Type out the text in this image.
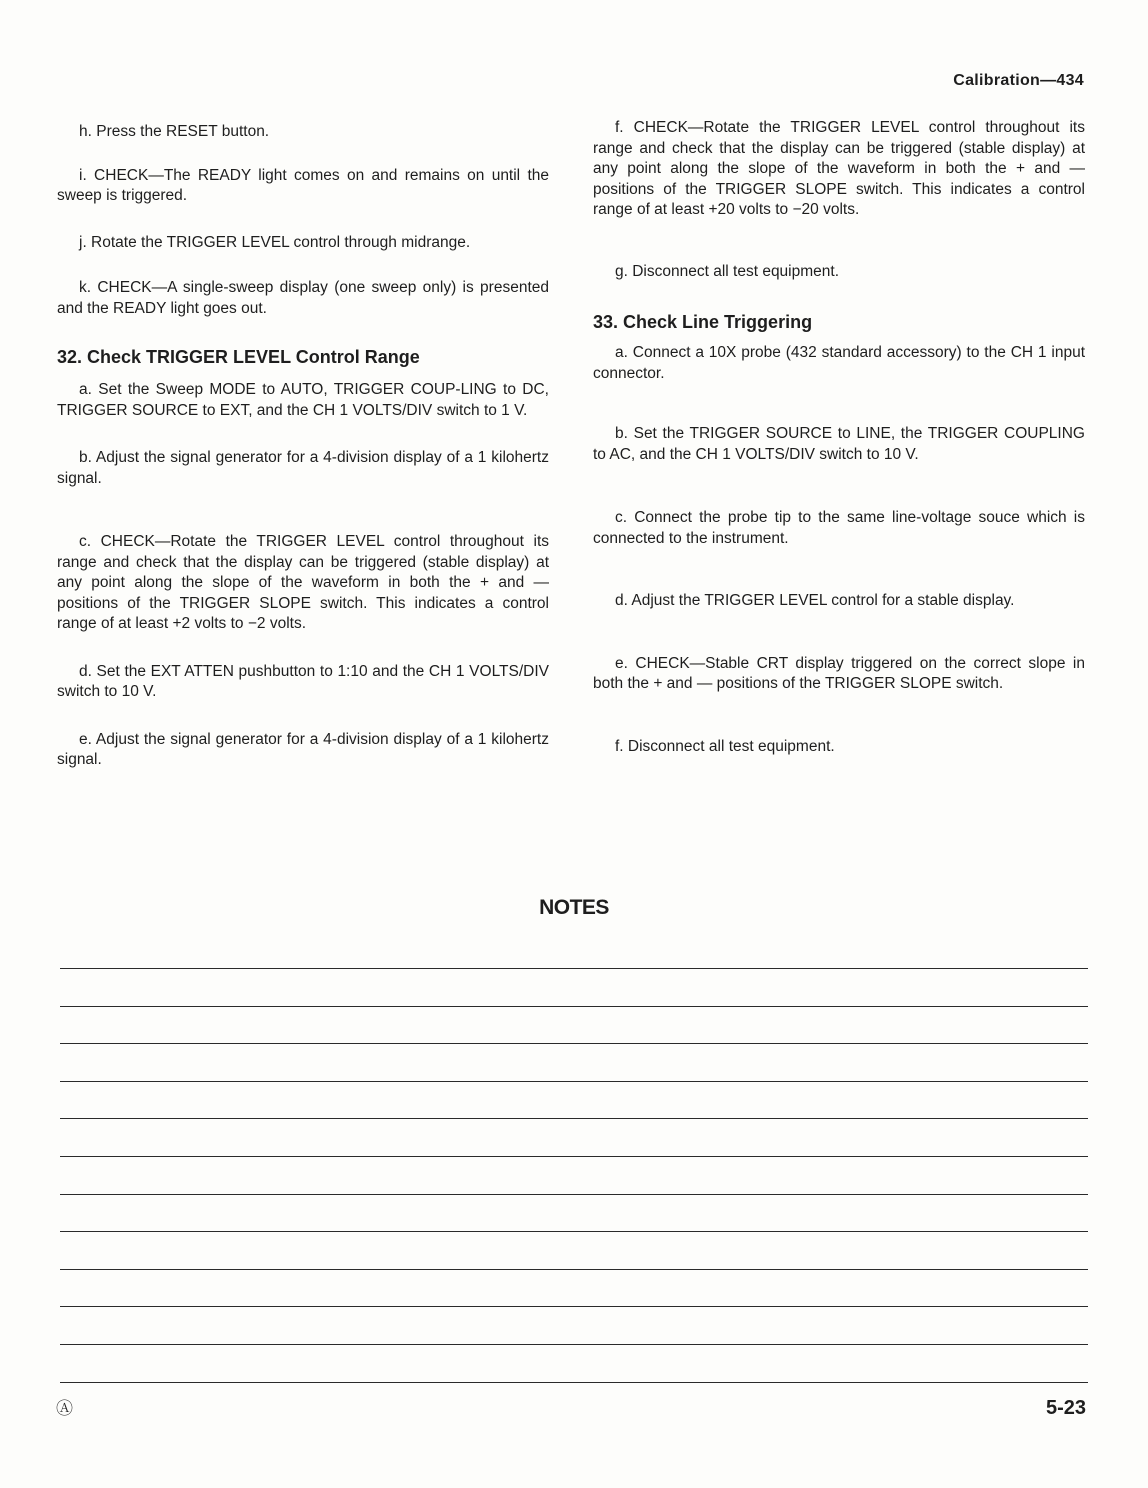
Calibration—434

h. Press the RESET button.

i. CHECK—The READY light comes on and remains on until the sweep is triggered.

j. Rotate the TRIGGER LEVEL control through midrange.

k. CHECK—A single-sweep display (one sweep only) is presented and the READY light goes out.

32. Check TRIGGER LEVEL Control Range

a. Set the Sweep MODE to AUTO, TRIGGER COUP-LING to DC, TRIGGER SOURCE to EXT, and the CH 1 VOLTS/DIV switch to 1 V.

b. Adjust the signal generator for a 4-division display of a 1 kilohertz signal.

c. CHECK—Rotate the TRIGGER LEVEL control throughout its range and check that the display can be triggered (stable display) at any point along the slope of the waveform in both the + and — positions of the TRIGGER SLOPE switch. This indicates a control range of at least +2 volts to −2 volts.

d. Set the EXT ATTEN pushbutton to 1:10 and the CH 1 VOLTS/DIV switch to 10 V.

e. Adjust the signal generator for a 4-division display of a 1 kilohertz signal.

f. CHECK—Rotate the TRIGGER LEVEL control throughout its range and check that the display can be triggered (stable display) at any point along the slope of the waveform in both the + and — positions of the TRIGGER SLOPE switch. This indicates a control range of at least +20 volts to −20 volts.

g. Disconnect all test equipment.

33. Check Line Triggering

a. Connect a 10X probe (432 standard accessory) to the CH 1 input connector.

b. Set the TRIGGER SOURCE to LINE, the TRIGGER COUPLING to AC, and the CH 1 VOLTS/DIV switch to 10 V.

c. Connect the probe tip to the same line-voltage souce which is connected to the instrument.

d. Adjust the TRIGGER LEVEL control for a stable display.

e. CHECK—Stable CRT display triggered on the correct slope in both the + and — positions of the TRIGGER SLOPE switch.

f. Disconnect all test equipment.

NOTES
Ⓐ	5-23
